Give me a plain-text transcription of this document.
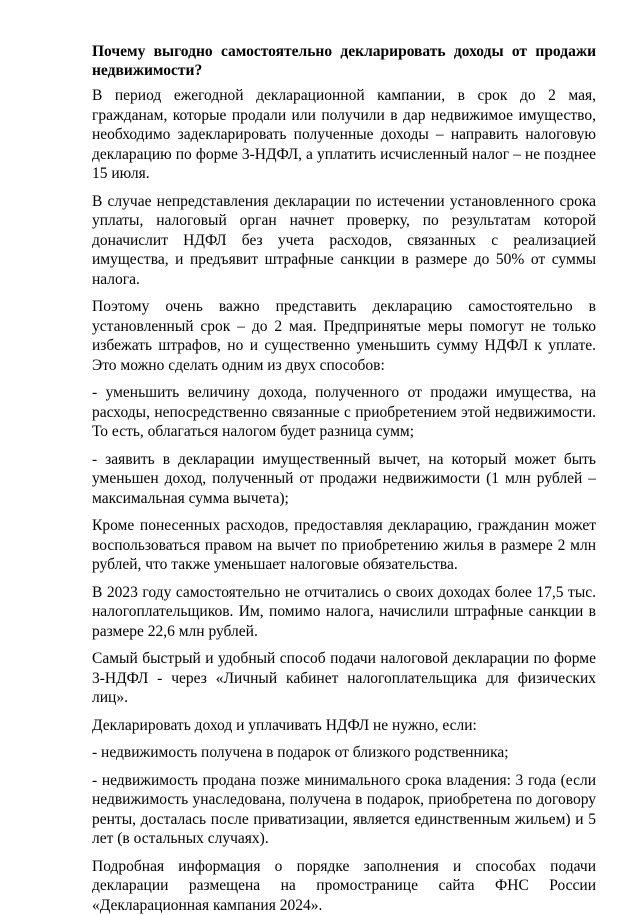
Почему выгодно самостоятельно декларировать доходы от продажи недвижимости?

В период ежегодной декларационной кампании, в срок до 2 мая, гражданам, которые продали или получили в дар недвижимое имущество, необходимо задекларировать полученные доходы – направить налоговую декларацию по форме 3-НДФЛ, а уплатить исчисленный налог – не позднее 15 июля.

В случае непредставления декларации по истечении установленного срока уплаты, налоговый орган начнет проверку, по результатам которой доначислит НДФЛ без учета расходов, связанных с реализацией имущества, и предъявит штрафные санкции в размере до 50% от суммы налога.

Поэтому очень важно представить декларацию самостоятельно в установленный срок – до 2 мая. Предпринятые меры помогут не только избежать штрафов, но и существенно уменьшить сумму НДФЛ к уплате. Это можно сделать одним из двух способов:

- уменьшить величину дохода, полученного от продажи имущества, на расходы, непосредственно связанные с приобретением этой недвижимости. То есть, облагаться налогом будет разница сумм;

- заявить в декларации имущественный вычет, на который может быть уменьшен доход, полученный от продажи недвижимости (1 млн рублей – максимальная сумма вычета);

Кроме понесенных расходов, предоставляя декларацию, гражданин может воспользоваться правом на вычет по приобретению жилья в размере 2 млн рублей, что также уменьшает налоговые обязательства.

В 2023 году самостоятельно не отчитались о своих доходах более 17,5 тыс. налогоплательщиков. Им, помимо налога, начислили штрафные санкции в размере 22,6 млн рублей.

Самый быстрый и удобный способ подачи налоговой декларации по форме 3-НДФЛ - через «Личный кабинет налогоплательщика для физических лиц».

Декларировать доход и уплачивать НДФЛ не нужно, если:

- недвижимость получена в подарок от близкого родственника;

- недвижимость продана позже минимального срока владения: 3 года (если недвижимость унаследована, получена в подарок, приобретена по договору ренты, досталась после приватизации, является единственным жильем) и 5 лет (в остальных случаях).

Подробная информация о порядке заполнения и способах подачи декларации размещена на промостранице сайта ФНС России «Декларационная кампания 2024».
